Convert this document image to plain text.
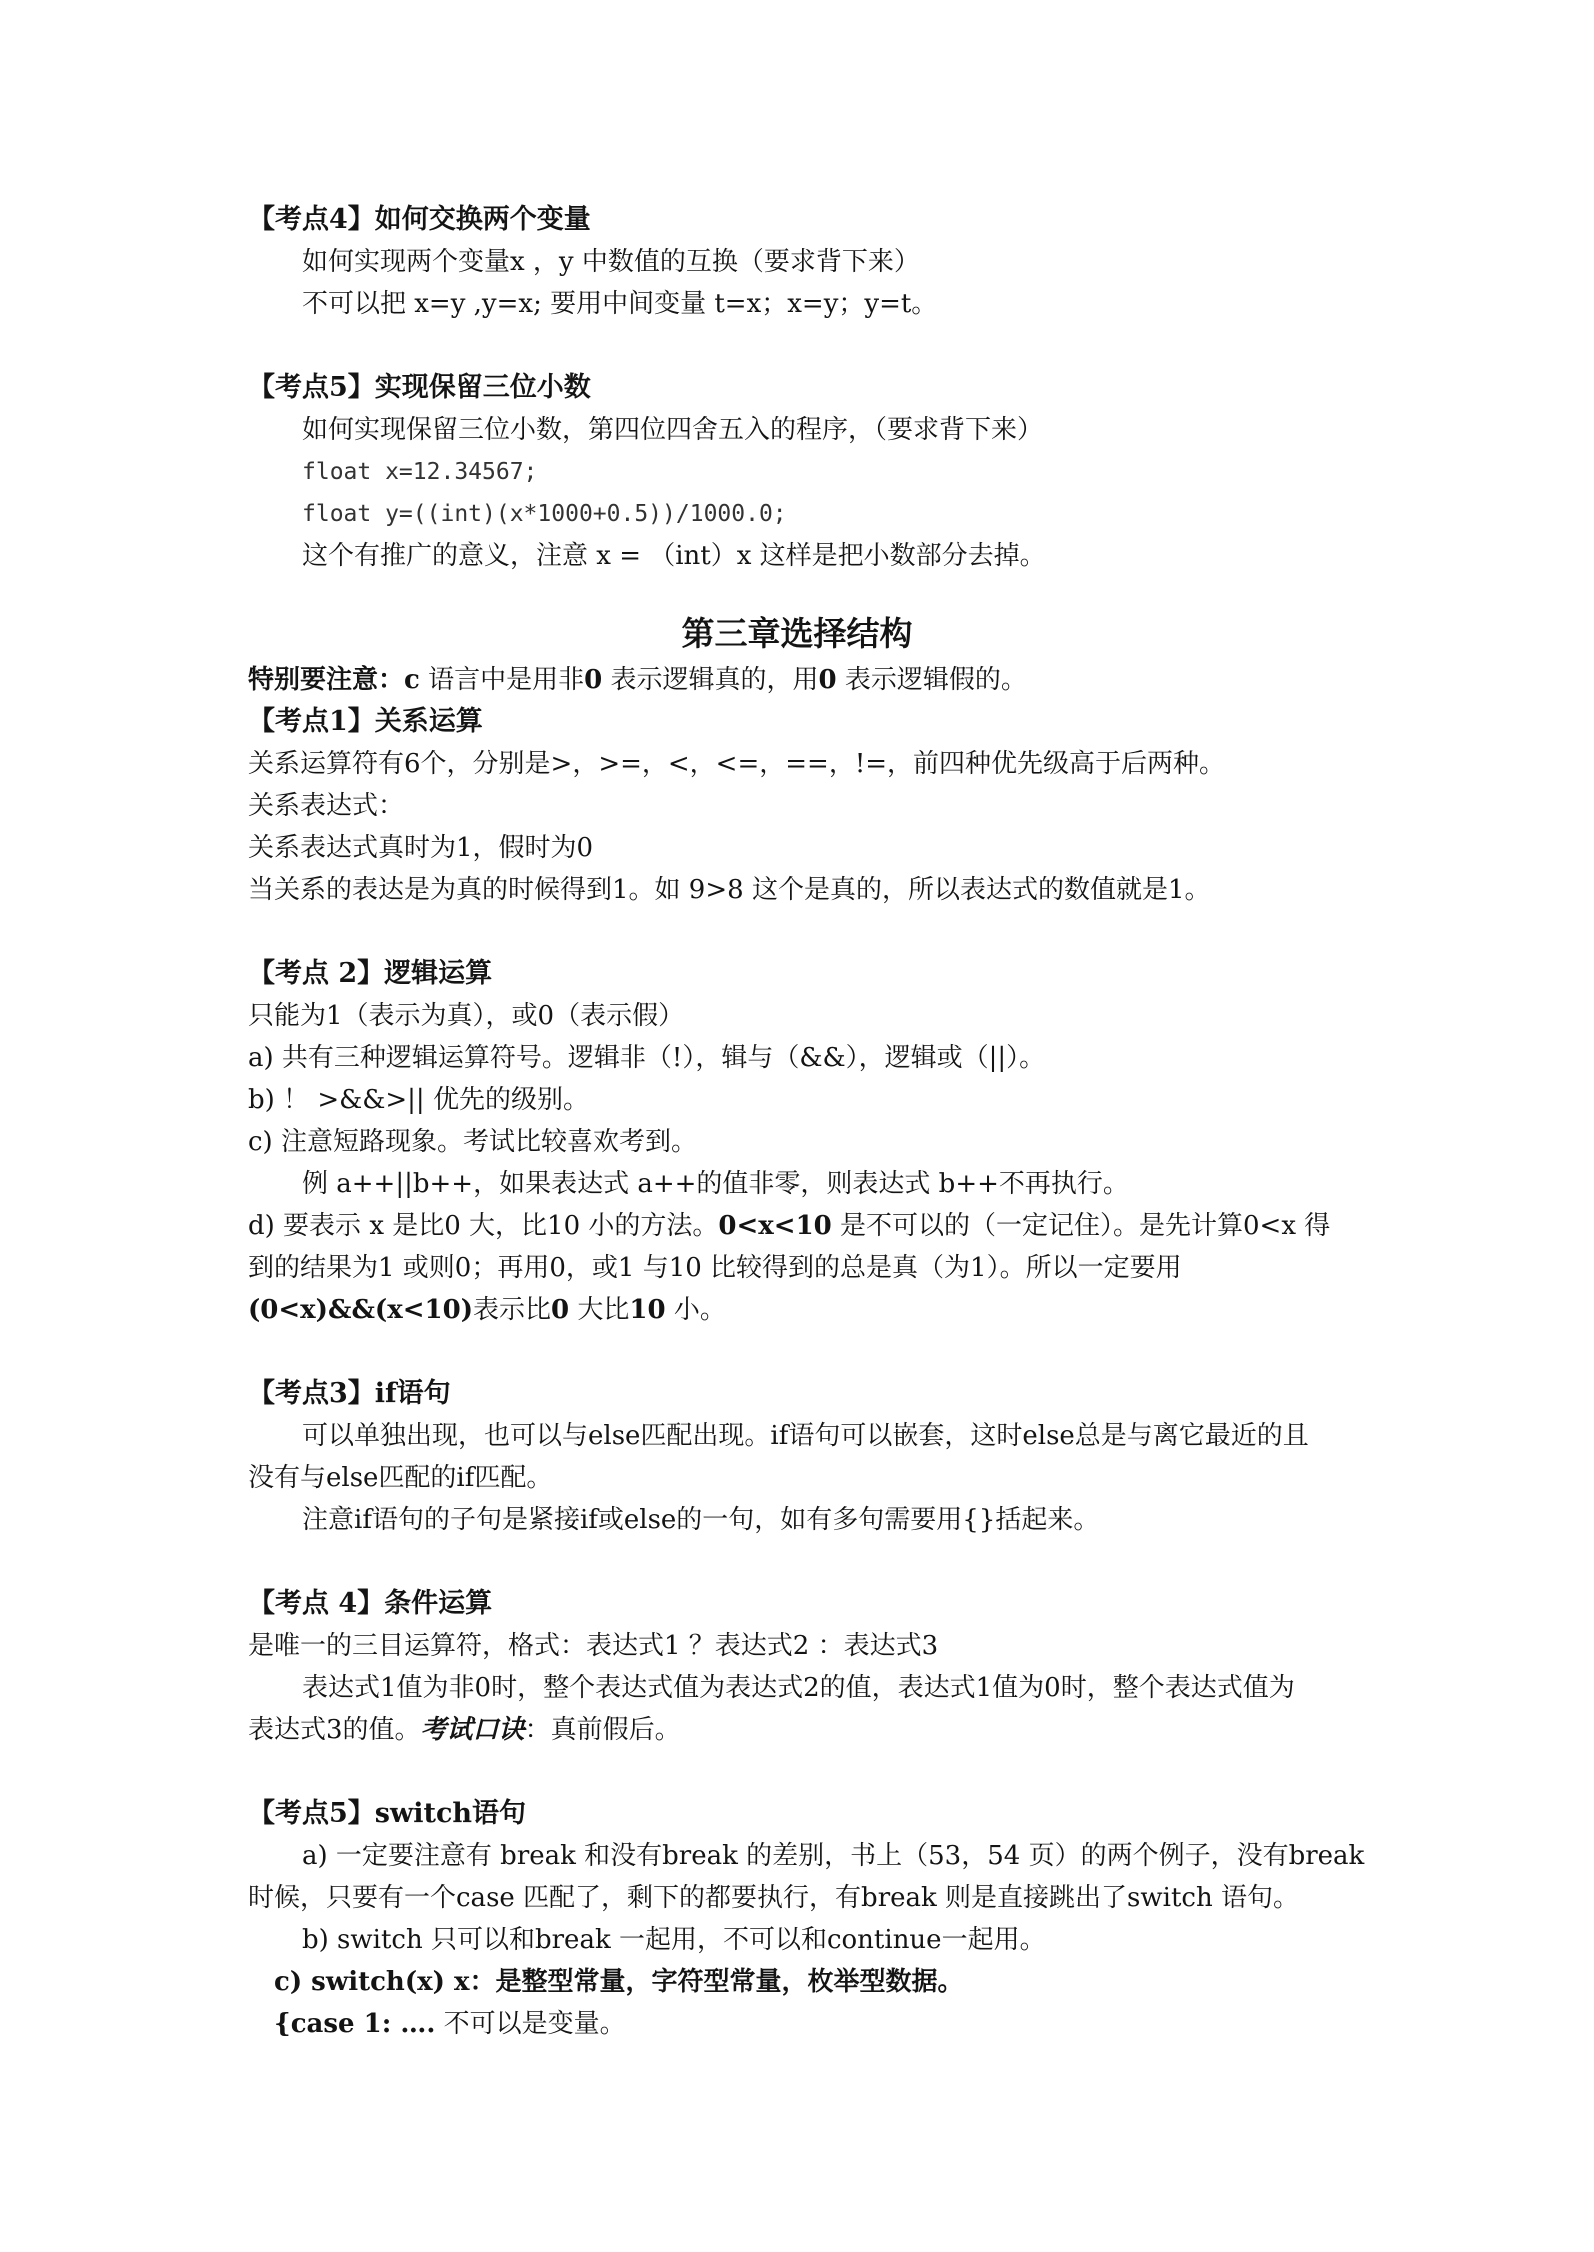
【考点4】如何交换两个变量
如何实现两个变量x ，y 中数值的互换（要求背下来）
不可以把 x=y ,y=x; 要用中间变量 t=x；x=y；y=t。
【考点5】实现保留三位小数
如何实现保留三位小数，第四位四舍五入的程序，（要求背下来）
float x=12.34567;
float y=((int)(x*1000+0.5))/1000.0;
这个有推广的意义，注意 x = （int）x 这样是把小数部分去掉。
第三章选择结构
特别要注意：c 语言中是用非0 表示逻辑真的，用0 表示逻辑假的。
【考点1】关系运算
关系运算符有6个，分别是>，>=，<，<=，==，!=，前四种优先级高于后两种。
关系表达式：
关系表达式真时为1，假时为0
当关系的表达是为真的时候得到1。如 9>8 这个是真的，所以表达式的数值就是1。
【考点 2】逻辑运算
只能为1（表示为真），或0（表示假）
a) 共有三种逻辑运算符号。逻辑非（!），辑与（&&），逻辑或（||）。
b) ！ >&&>|| 优先的级别。
c) 注意短路现象。考试比较喜欢考到。
例 a++||b++，如果表达式 a++的值非零，则表达式 b++不再执行。
d) 要表示 x 是比0 大，比10 小的方法。0<x<10 是不可以的（一定记住）。是先计算0<x 得
到的结果为1 或则0；再用0，或1 与10 比较得到的总是真（为1）。所以一定要用
(0<x)&&(x<10)表示比0 大比10 小。
【考点3】if语句
可以单独出现，也可以与else匹配出现。if语句可以嵌套，这时else总是与离它最近的且
没有与else匹配的if匹配。
注意if语句的子句是紧接if或else的一句，如有多句需要用{}括起来。
【考点 4】条件运算
是唯一的三目运算符，格式：表达式1 ？表达式2 ：表达式3
表达式1值为非0时，整个表达式值为表达式2的值，表达式1值为0时，整个表达式值为
表达式3的值。考试口诀：真前假后。
【考点5】switch语句
a) 一定要注意有 break 和没有break 的差别，书上（53，54 页）的两个例子，没有break
时候，只要有一个case 匹配了，剩下的都要执行，有break 则是直接跳出了switch 语句。
b) switch 只可以和break 一起用，不可以和continue一起用。
c) switch(x) x：是整型常量，字符型常量，枚举型数据。
{case 1: …. 不可以是变量。
